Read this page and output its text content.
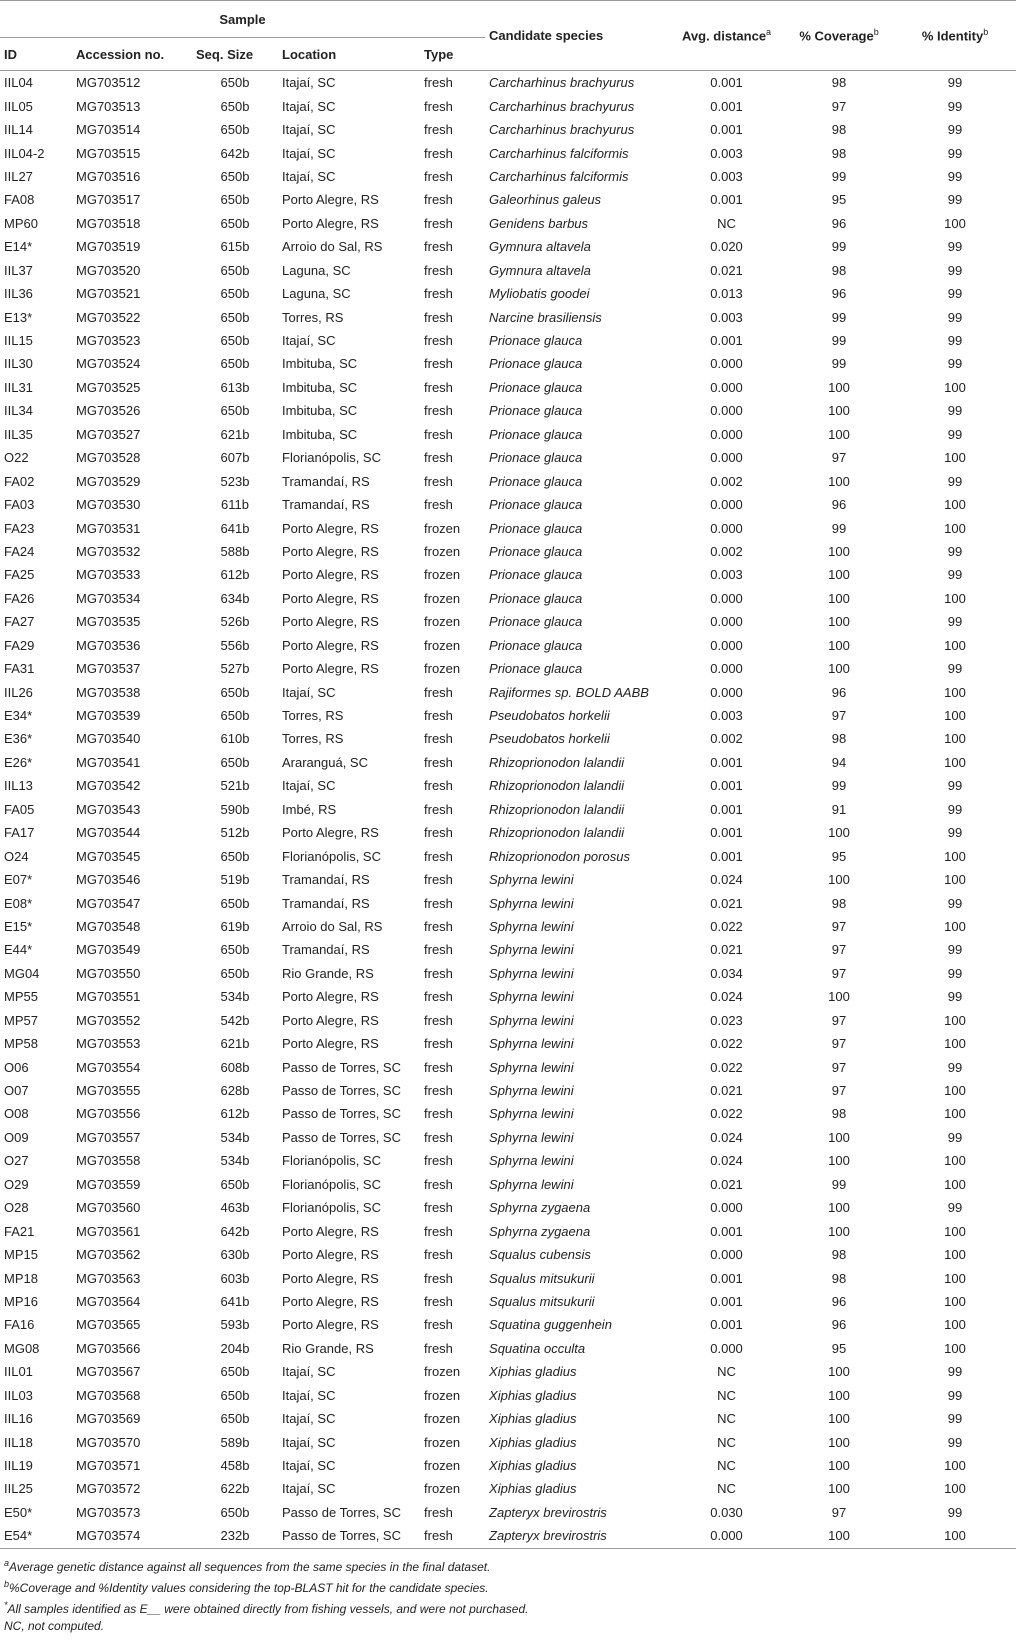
Sample					Candidate species	Avg. distance$^a$	% Coverage$^b$	% Identity$^b$
ID	Accession no.	Seq. Size	Location	Type				
IIL04	MG703512	650b	Itajaí, SC	fresh	Carcharhinus brachyurus	0.001	98	99
IIL05	MG703513	650b	Itajaí, SC	fresh	Carcharhinus brachyurus	0.001	97	99
IIL14	MG703514	650b	Itajaí, SC	fresh	Carcharhinus brachyurus	0.001	98	99
IIL04-2	MG703515	642b	Itajaí, SC	fresh	Carcharhinus falciformis	0.003	98	99
IIL27	MG703516	650b	Itajaí, SC	fresh	Carcharhinus falciformis	0.003	99	99
FA08	MG703517	650b	Porto Alegre, RS	fresh	Galeorhinus galeus	0.001	95	99
MP60	MG703518	650b	Porto Alegre, RS	fresh	Genidens barbus	NC	96	100
E14*	MG703519	615b	Arroio do Sal, RS	fresh	Gymnura altavela	0.020	99	99
IIL37	MG703520	650b	Laguna, SC	fresh	Gymnura altavela	0.021	98	99
IIL36	MG703521	650b	Laguna, SC	fresh	Myliobatis goodei	0.013	96	99
E13*	MG703522	650b	Torres, RS	fresh	Narcine brasiliensis	0.003	99	99
IIL15	MG703523	650b	Itajaí, SC	fresh	Prionace glauca	0.001	99	99
IIL30	MG703524	650b	Imbituba, SC	fresh	Prionace glauca	0.000	99	99
IIL31	MG703525	613b	Imbituba, SC	fresh	Prionace glauca	0.000	100	100
IIL34	MG703526	650b	Imbituba, SC	fresh	Prionace glauca	0.000	100	99
IIL35	MG703527	621b	Imbituba, SC	fresh	Prionace glauca	0.000	100	99
O22	MG703528	607b	Florianópolis, SC	fresh	Prionace glauca	0.000	97	100
FA02	MG703529	523b	Tramandaí, RS	fresh	Prionace glauca	0.002	100	99
FA03	MG703530	611b	Tramandaí, RS	fresh	Prionace glauca	0.000	96	100
FA23	MG703531	641b	Porto Alegre, RS	frozen	Prionace glauca	0.000	99	100
FA24	MG703532	588b	Porto Alegre, RS	frozen	Prionace glauca	0.002	100	99
FA25	MG703533	612b	Porto Alegre, RS	frozen	Prionace glauca	0.003	100	99
FA26	MG703534	634b	Porto Alegre, RS	frozen	Prionace glauca	0.000	100	100
FA27	MG703535	526b	Porto Alegre, RS	frozen	Prionace glauca	0.000	100	99
FA29	MG703536	556b	Porto Alegre, RS	frozen	Prionace glauca	0.000	100	100
FA31	MG703537	527b	Porto Alegre, RS	frozen	Prionace glauca	0.000	100	99
IIL26	MG703538	650b	Itajaí, SC	fresh	Rajiformes sp. BOLD AABB	0.000	96	100
E34*	MG703539	650b	Torres, RS	fresh	Pseudobatos horkelii	0.003	97	100
E36*	MG703540	610b	Torres, RS	fresh	Pseudobatos horkelii	0.002	98	100
E26*	MG703541	650b	Araranguá, SC	fresh	Rhizoprionodon lalandii	0.001	94	100
IIL13	MG703542	521b	Itajaí, SC	fresh	Rhizoprionodon lalandii	0.001	99	99
FA05	MG703543	590b	Imbé, RS	fresh	Rhizoprionodon lalandii	0.001	91	99
FA17	MG703544	512b	Porto Alegre, RS	fresh	Rhizoprionodon lalandii	0.001	100	99
O24	MG703545	650b	Florianópolis, SC	fresh	Rhizoprionodon porosus	0.001	95	100
E07*	MG703546	519b	Tramandaí, RS	fresh	Sphyrna lewini	0.024	100	100
E08*	MG703547	650b	Tramandaí, RS	fresh	Sphyrna lewini	0.021	98	99
E15*	MG703548	619b	Arroio do Sal, RS	fresh	Sphyrna lewini	0.022	97	100
E44*	MG703549	650b	Tramandaí, RS	fresh	Sphyrna lewini	0.021	97	99
MG04	MG703550	650b	Rio Grande, RS	fresh	Sphyrna lewini	0.034	97	99
MP55	MG703551	534b	Porto Alegre, RS	fresh	Sphyrna lewini	0.024	100	99
MP57	MG703552	542b	Porto Alegre, RS	fresh	Sphyrna lewini	0.023	97	100
MP58	MG703553	621b	Porto Alegre, RS	fresh	Sphyrna lewini	0.022	97	100
O06	MG703554	608b	Passo de Torres, SC	fresh	Sphyrna lewini	0.022	97	99
O07	MG703555	628b	Passo de Torres, SC	fresh	Sphyrna lewini	0.021	97	100
O08	MG703556	612b	Passo de Torres, SC	fresh	Sphyrna lewini	0.022	98	100
O09	MG703557	534b	Passo de Torres, SC	fresh	Sphyrna lewini	0.024	100	99
O27	MG703558	534b	Florianópolis, SC	fresh	Sphyrna lewini	0.024	100	100
O29	MG703559	650b	Florianópolis, SC	fresh	Sphyrna lewini	0.021	99	100
O28	MG703560	463b	Florianópolis, SC	fresh	Sphyrna zygaena	0.000	100	99
FA21	MG703561	642b	Porto Alegre, RS	fresh	Sphyrna zygaena	0.001	100	100
MP15	MG703562	630b	Porto Alegre, RS	fresh	Squalus cubensis	0.000	98	100
MP18	MG703563	603b	Porto Alegre, RS	fresh	Squalus mitsukurii	0.001	98	100
MP16	MG703564	641b	Porto Alegre, RS	fresh	Squalus mitsukurii	0.001	96	100
FA16	MG703565	593b	Porto Alegre, RS	fresh	Squatina guggenhein	0.001	96	100
MG08	MG703566	204b	Rio Grande, RS	fresh	Squatina occulta	0.000	95	100
IIL01	MG703567	650b	Itajaí, SC	frozen	Xiphias gladius	NC	100	99
IIL03	MG703568	650b	Itajaí, SC	frozen	Xiphias gladius	NC	100	99
IIL16	MG703569	650b	Itajaí, SC	frozen	Xiphias gladius	NC	100	99
IIL18	MG703570	589b	Itajaí, SC	frozen	Xiphias gladius	NC	100	99
IIL19	MG703571	458b	Itajaí, SC	frozen	Xiphias gladius	NC	100	100
IIL25	MG703572	622b	Itajaí, SC	frozen	Xiphias gladius	NC	100	100
E50*	MG703573	650b	Passo de Torres, SC	fresh	Zapteryx brevirostris	0.030	97	99
E54*	MG703574	232b	Passo de Torres, SC	fresh	Zapteryx brevirostris	0.000	100	100
$^a$Average genetic distance against all sequences from the same species in the final dataset.
$^b$%Coverage and %Identity values considering the top-BLAST hit for the candidate species.
*All samples identified as E__ were obtained directly from fishing vessels, and were not purchased.
NC, not computed.
